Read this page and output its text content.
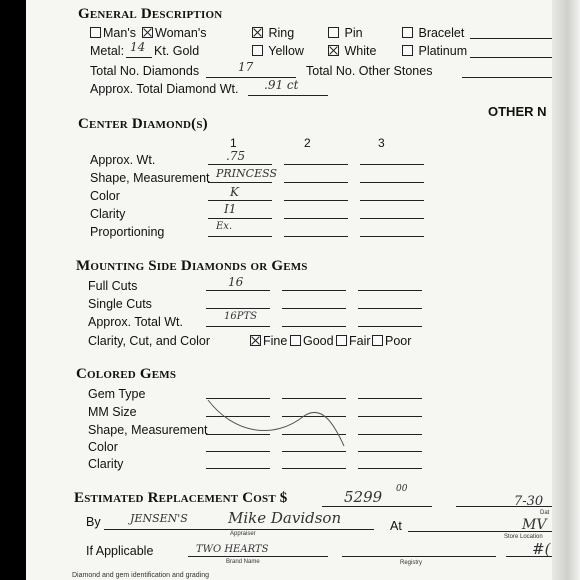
General Description
Man's	Woman's	Ring	Pin	Bracelet
Metal: 14 Kt. Gold	Yellow	White	Platinum
Total No. Diamonds	17	Total No. Other Stones
Approx. Total Diamond Wt. .91 ct
OTHER N
Center Diamond(s)
1	2	3
Approx. Wt.	.75
Shape, Measurement PRINCESS
Color	K
Clarity	I1
Proportioning	Ex.
Mounting Side Diamonds or Gems
Full Cuts	16
Single Cuts
Approx. Total Wt.	16PTS
Clarity, Cut, and Color	Fine	Good	Fair	Poor
Colored Gems
Gem Type
MM Size
Shape, Measurement
Color
Clarity
Estimated Replacement Cost $	5299 00
7-30
Dat
By	JENSEN'S	Mike Davidson
Appraiser
At	MV
Store Location
If Applicable	TWO HEARTS
Brand Name	Registry
#(
Diamond and gem identification and grading
